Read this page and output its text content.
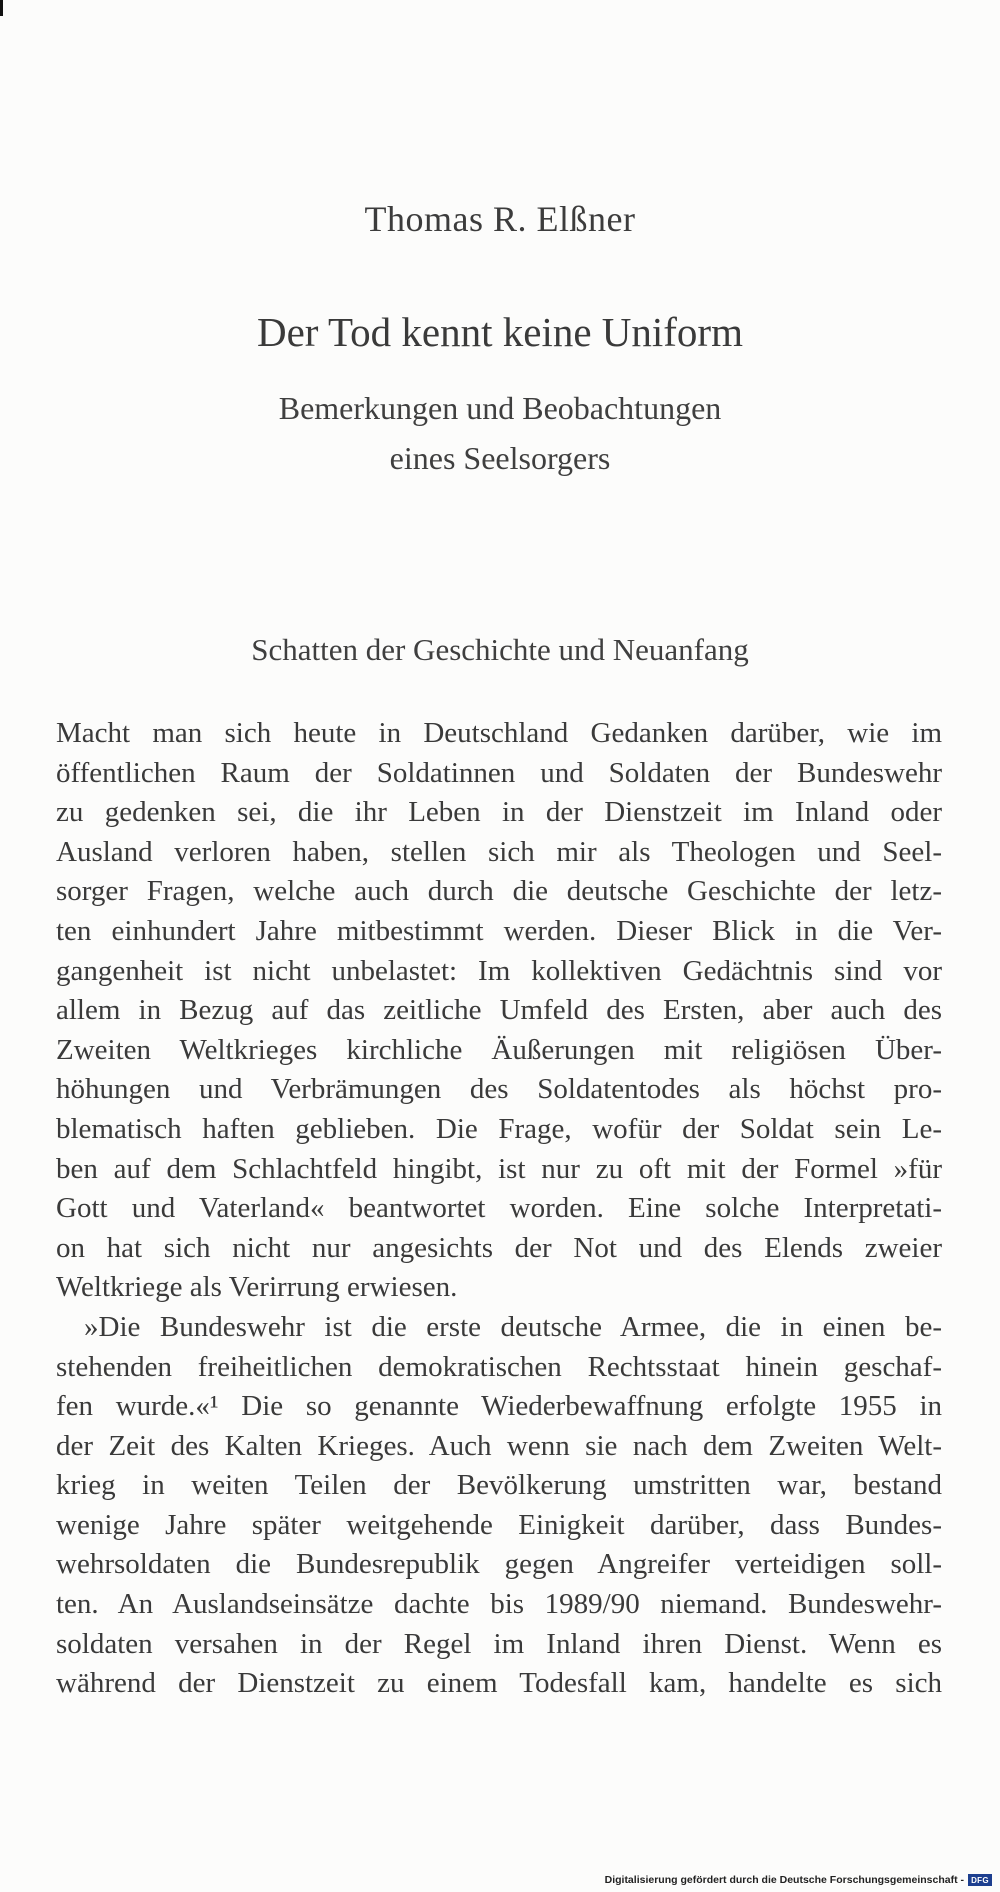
Thomas R. Elßner
Der Tod kennt keine Uniform
Bemerkungen und Beobachtungen
eines Seelsorgers
Schatten der Geschichte und Neuanfang
Macht man sich heute in Deutschland Gedanken darüber, wie im
öffentlichen Raum der Soldatinnen und Soldaten der Bundeswehr
zu gedenken sei, die ihr Leben in der Dienstzeit im Inland oder
Ausland verloren haben, stellen sich mir als Theologen und Seel-
sorger Fragen, welche auch durch die deutsche Geschichte der letz-
ten einhundert Jahre mitbestimmt werden. Dieser Blick in die Ver-
gangenheit ist nicht unbelastet: Im kollektiven Gedächtnis sind vor
allem in Bezug auf das zeitliche Umfeld des Ersten, aber auch des
Zweiten Weltkrieges kirchliche Äußerungen mit religiösen Über-
höhungen und Verbrämungen des Soldatentodes als höchst pro-
blematisch haften geblieben. Die Frage, wofür der Soldat sein Le-
ben auf dem Schlachtfeld hingibt, ist nur zu oft mit der Formel »für
Gott und Vaterland« beantwortet worden. Eine solche Interpretati-
on hat sich nicht nur angesichts der Not und des Elends zweier
Weltkriege als Verirrung erwiesen.
»Die Bundeswehr ist die erste deutsche Armee, die in einen be-
stehenden freiheitlichen demokratischen Rechtsstaat hinein geschaf-
fen wurde.«¹ Die so genannte Wiederbewaffnung erfolgte 1955 in
der Zeit des Kalten Krieges. Auch wenn sie nach dem Zweiten Welt-
krieg in weiten Teilen der Bevölkerung umstritten war, bestand
wenige Jahre später weitgehende Einigkeit darüber, dass Bundes-
wehrsoldaten die Bundesrepublik gegen Angreifer verteidigen soll-
ten. An Auslandseinsätze dachte bis 1989/90 niemand. Bundeswehr-
soldaten versahen in der Regel im Inland ihren Dienst. Wenn es
während der Dienstzeit zu einem Todesfall kam, handelte es sich
Digitalisierung gefördert durch die Deutsche Forschungsgemeinschaft - DFG
